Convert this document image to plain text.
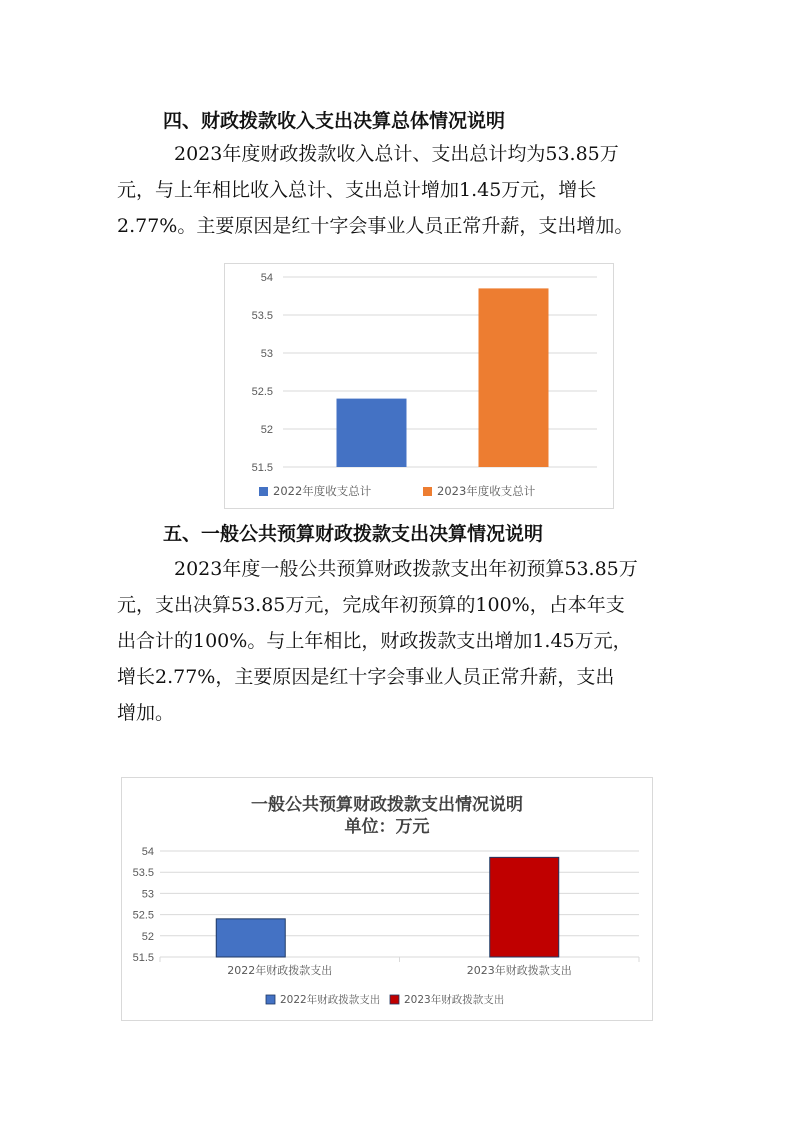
四、财政拨款收入支出决算总体情况说明
2023年度财政拨款收入总计、支出总计均为53.85万
元，与上年相比收入总计、支出总计增加1.45万元，增长
2.77%。主要原因是红十字会事业人员正常升薪，支出增加。
51.5
52
52.5
53
53.5
54
2022年度收支总计	2023年度收支总计
五、一般公共预算财政拨款支出决算情况说明
2023年度一般公共预算财政拨款支出年初预算53.85万
元，支出决算53.85万元，完成年初预算的100%，占本年支
出合计的100%。与上年相比，财政拨款支出增加1.45万元，
增长2.77%，主要原因是红十字会事业人员正常升薪，支出
增加。
一般公共预算财政拨款支出情况说明
单位：万元
51.5
52
52.5
53
53.5
54
2022年财政拨款支出	2023年财政拨款支出
2022年财政拨款支出 2023年财政拨款支出
